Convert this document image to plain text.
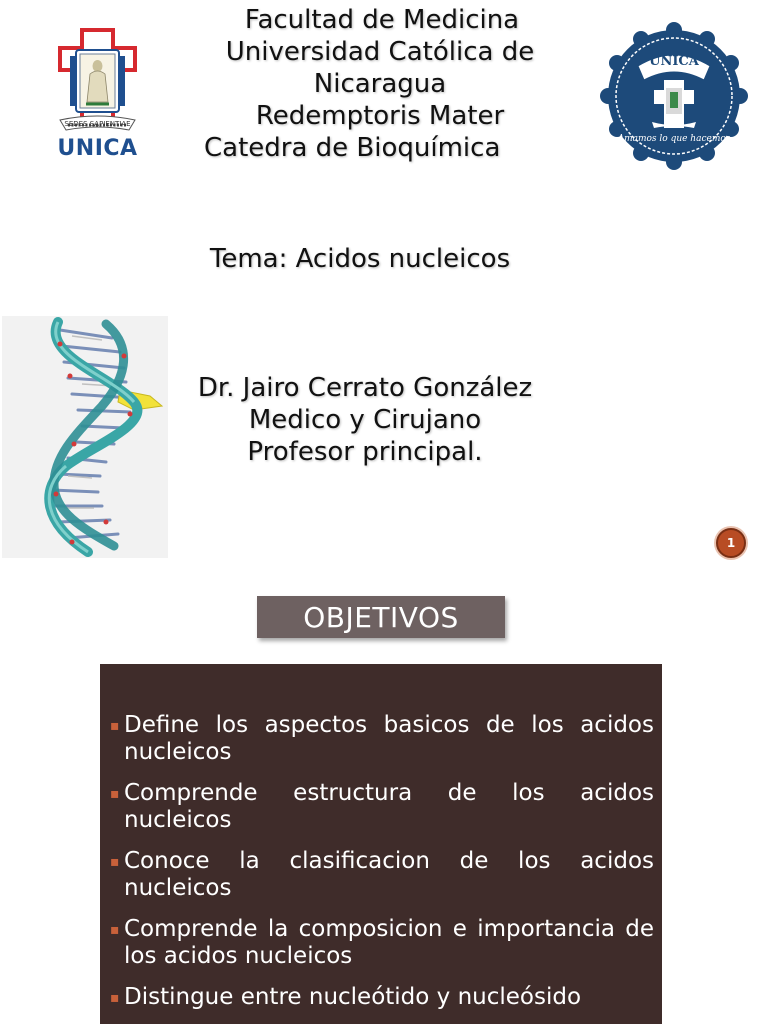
SEDES SAPIENTIAE
UNICA
Facultad de Medicina
Universidad Católica de
Nicaragua
Redemptoris Mater
Catedra de Bioquímica
UNICA
Amamos lo que hacemos
Tema: Acidos nucleicos
Dr. Jairo Cerrato González
Medico y Cirujano
Profesor principal.
1
OBJETIVOS
▪ Define los aspectos basicos de los acidos nucleicos
▪ Comprende estructura de los acidos nucleicos
▪ Conoce la clasificacion de los acidos nucleicos
▪ Comprende la composicion e importancia de los acidos nucleicos
▪ Distingue entre nucleótido y nucleósido
